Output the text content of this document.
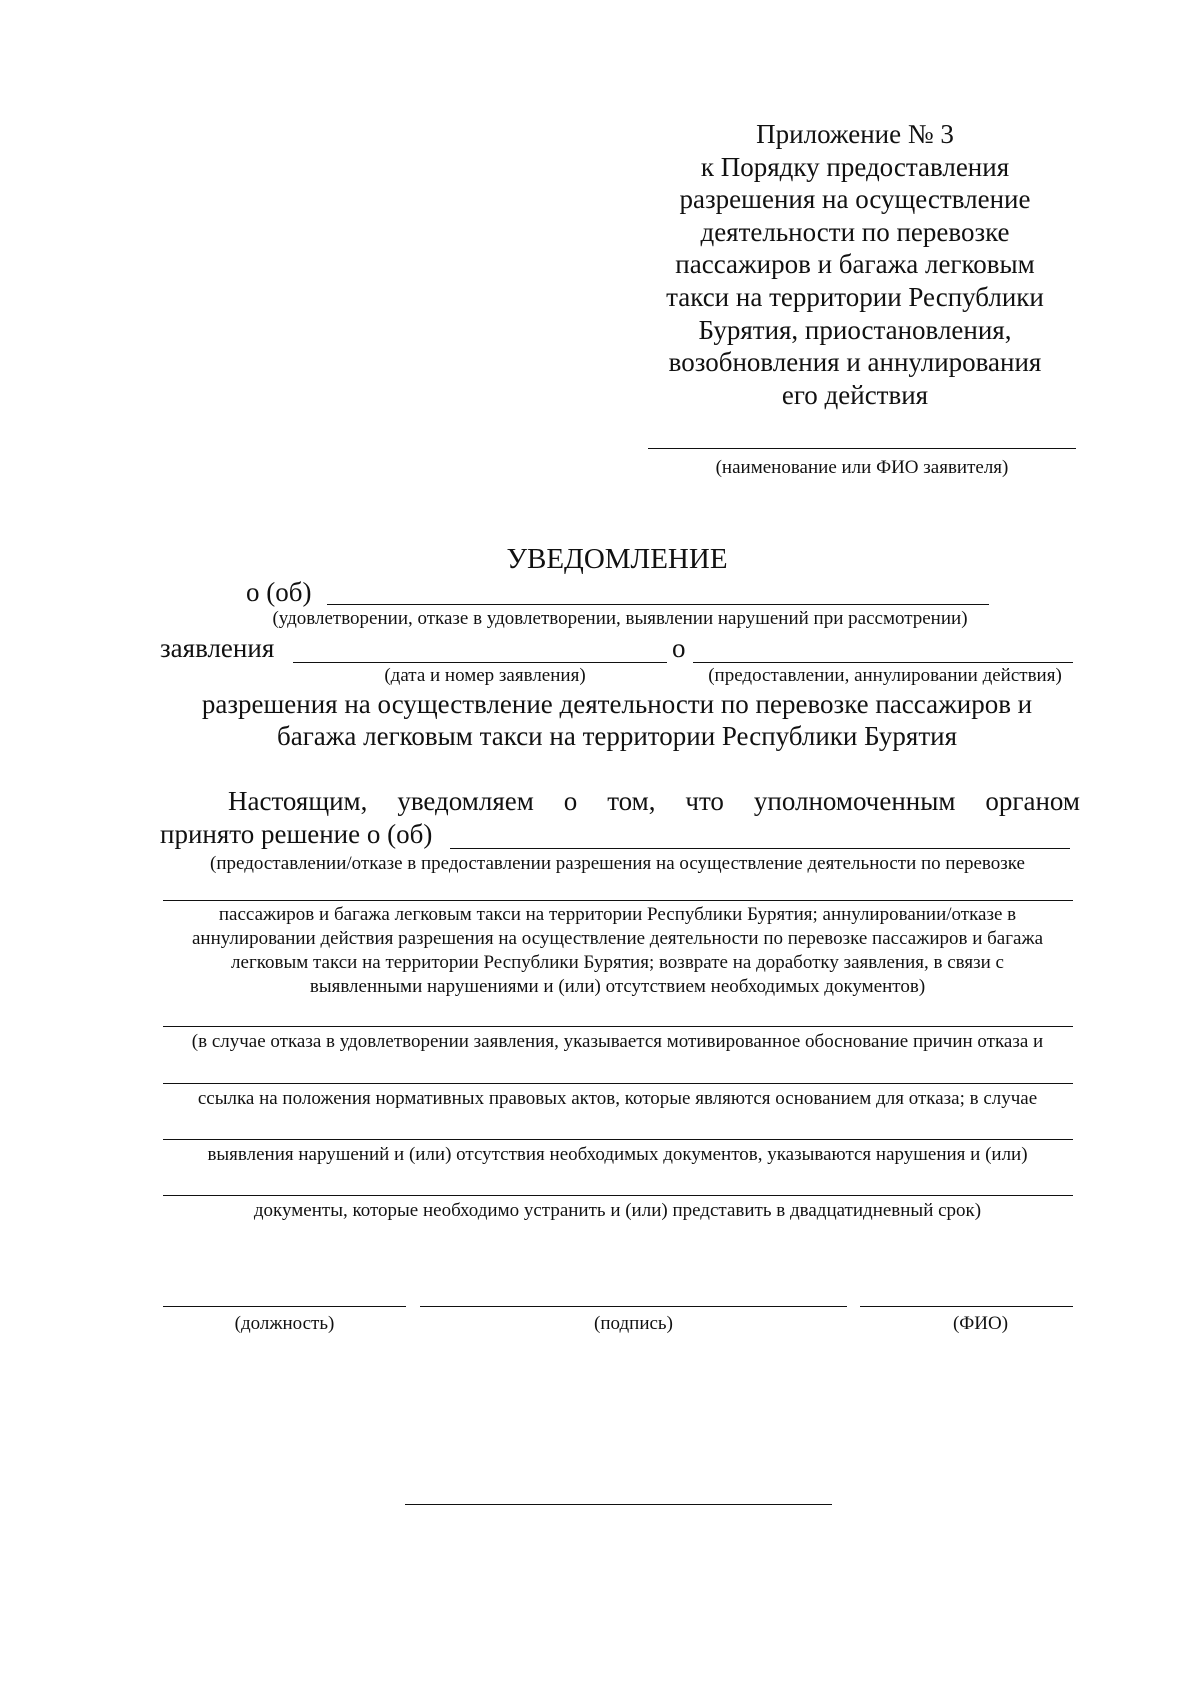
Приложение № 3
к Порядку предоставления
разрешения на осуществление
деятельности по перевозке
пассажиров и багажа легковым
такси на территории Республики
Бурятия, приостановления,
возобновления и аннулирования
его действия
(наименование или ФИО заявителя)
УВЕДОМЛЕНИЕ
о (об)
(удовлетворении, отказе в удовлетворении, выявлении нарушений при рассмотрении)
заявления	о
(дата и номер заявления)	(предоставлении, аннулировании действия)
разрешения на осуществление деятельности по перевозке пассажиров и
багажа легковым такси на территории Республики Бурятия
Настоящим, уведомляем о том, что уполномоченным органом
принято решение о (об)
(предоставлении/отказе в предоставлении разрешения на осуществление деятельности по перевозке
пассажиров и багажа легковым такси на территории Республики Бурятия; аннулировании/отказе в
аннулировании действия разрешения на осуществление деятельности по перевозке пассажиров и багажа
легковым такси на территории Республики Бурятия; возврате на доработку заявления, в связи с
выявленными нарушениями и (или) отсутствием необходимых документов)
(в случае отказа в удовлетворении заявления, указывается мотивированное обоснование причин отказа и
ссылка на положения нормативных правовых актов, которые являются основанием для отказа; в случае
выявления нарушений и (или) отсутствия необходимых документов, указываются нарушения и (или)
документы, которые необходимо устранить и (или) представить в двадцатидневный срок)
(должность)	(подпись)	(ФИО)
